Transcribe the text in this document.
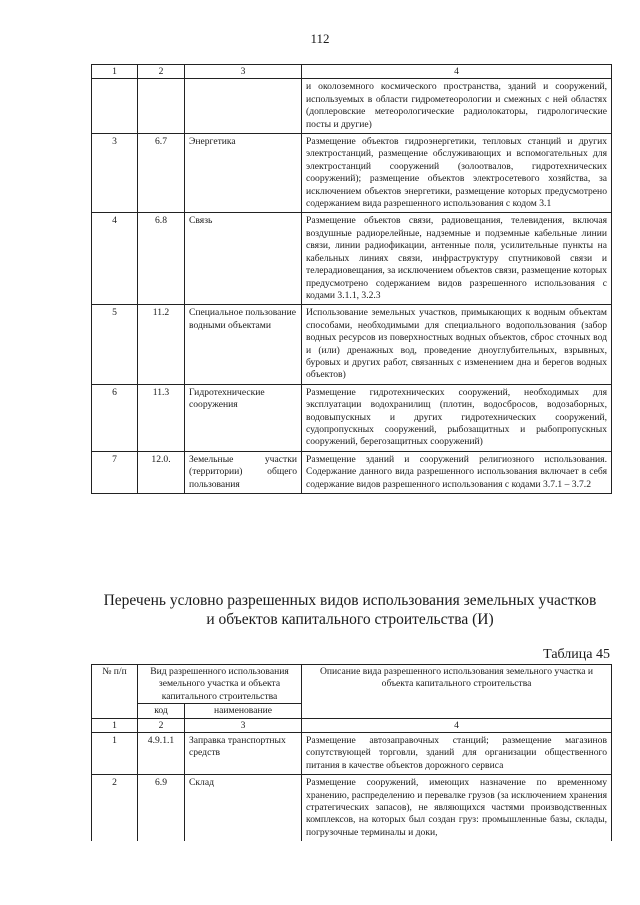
112
1	2	3	4
			и околоземного космического пространства, зданий и сооружений, используемых в области гидрометеорологии и смежных с ней областях (доплеровские метеорологические радиолокаторы, гидрологические посты и другие)
3	6.7	Энергетика	Размещение объектов гидроэнергетики, тепловых станций и других электростанций, размещение обслуживающих и вспомогательных для электростанций сооружений (золоотвалов, гидротехнических сооружений); размещение объектов электросетевого хозяйства, за исключением объектов энергетики, размещение которых предусмотрено содержанием вида разрешенного использования с кодом 3.1
4	6.8	Связь	Размещение объектов связи, радиовещания, телевидения, включая воздушные радиорелейные, надземные и подземные кабельные линии связи, линии радиофикации, антенные поля, усилительные пункты на кабельных линиях связи, инфраструктуру спутниковой связи и телерадиовещания, за исключением объектов связи, размещение которых предусмотрено содержанием видов разрешенного использования с кодами 3.1.1, 3.2.3
5	11.2	Специальное пользование водными объектами	Использование земельных участков, примыкающих к водным объектам способами, необходимыми для специального водопользования (забор водных ресурсов из поверхностных водных объектов, сброс сточных вод и (или) дренажных вод, проведение дноуглубительных, взрывных, буровых и других работ, связанных с изменением дна и берегов водных объектов)
6	11.3	Гидротехнические сооружения	Размещение гидротехнических сооружений, необходимых для эксплуатации водохранилищ (плотин, водосбросов, водозаборных, водовыпускных и других гидротехнических сооружений, судопропускных сооружений, рыбозащитных и рыбопропускных сооружений, берегозащитных сооружений)
7	12.0.	Земельные участки (территории) общего пользования	Размещение зданий и сооружений религиозного использования. Содержание данного вида разрешенного использования включает в себя содержание видов разрешенного использования с кодами 3.7.1 – 3.7.2
Перечень условно разрешенных видов использования земельных участков
и объектов капитального строительства (И)
Таблица 45
№ п/п	Вид разрешенного использования земельного участка и объекта капитального строительства		Описание вида разрешенного использования земельного участка и объекта капитального строительства
	код	наименование	
1	2	3	4
1	4.9.1.1	Заправка транспортных средств	Размещение автозаправочных станций; размещение магазинов сопутствующей торговли, зданий для организации общественного питания в качестве объектов дорожного сервиса
2	6.9	Склад	Размещение сооружений, имеющих назначение по временному хранению, распределению и перевалке грузов (за исключением хранения стратегических запасов), не являющихся частями производственных комплексов, на которых был создан груз: промышленные базы, склады, погрузочные терминалы и доки,
